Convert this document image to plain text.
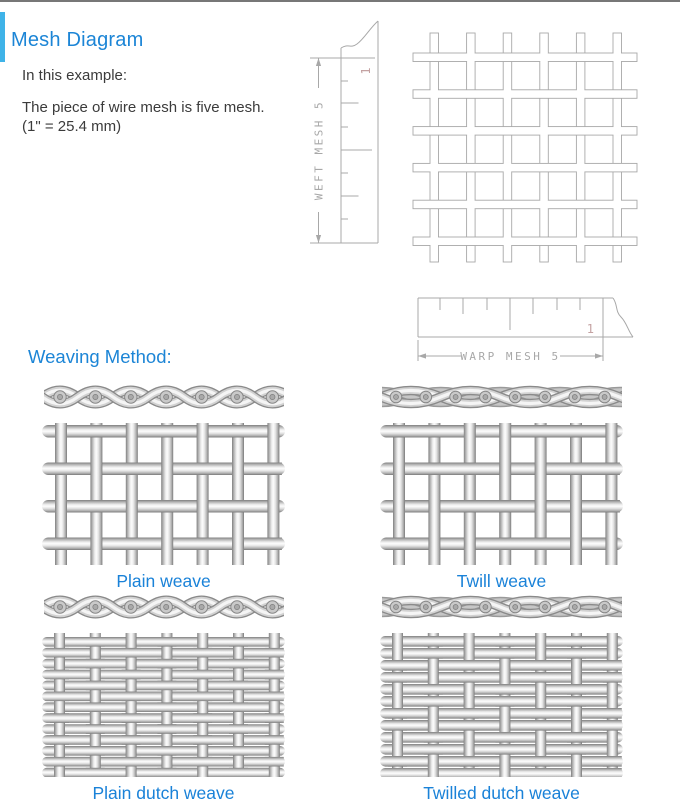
Mesh Diagram

In this example:

The piece of wire mesh is five mesh.

(1" = 25.4 mm)

1
WEFT MESH 5
1
WARP MESH 5
Weaving Method:
Plain weave	Twill weave
Plain dutch weave	Twilled dutch weave
